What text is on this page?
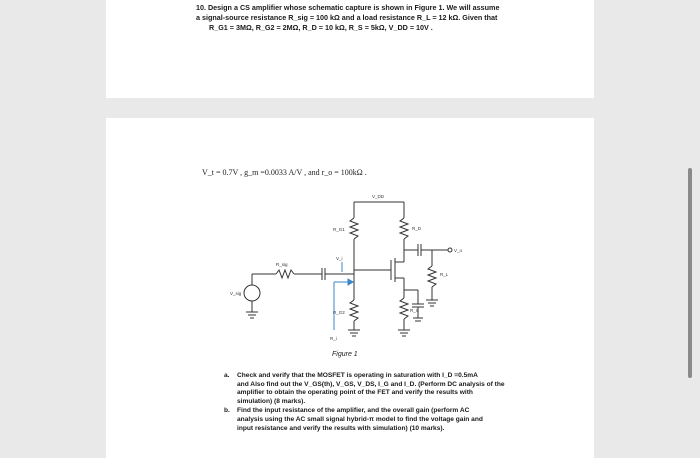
10. Design a CS amplifier whose schematic capture is shown in Figure 1. We will assume
a signal-source resistance R_sig = 100 kΩ and a load resistance R_L = 12 kΩ. Given that
R_G1 = 3MΩ, R_G2 = 2MΩ, R_D = 10 kΩ, R_S = 5kΩ, V_DD = 10V .
V_t = 0.7V , g_m =0.0033 A/V , and r_o = 100kΩ .
V_DD
R_G1
R_G2
R_D
R_S
R_sig
R_L
V_sig
V_i
R_i
V_o
Figure 1
a. Check and verify that the MOSFET is operating in saturation with I_D =0.5mA
and Also find out the V_GS(th), V_GS, V_DS, I_G and I_D. (Perform DC analysis of the
amplifier to obtain the operating point of the FET and verify the results with
simulation) (8 marks).
b. Find the input resistance of the amplifier, and the overall gain (perform AC
analysis using the AC small signal hybrid-π model to find the voltage gain and
input resistance and verify the results with simulation) (10 marks).
